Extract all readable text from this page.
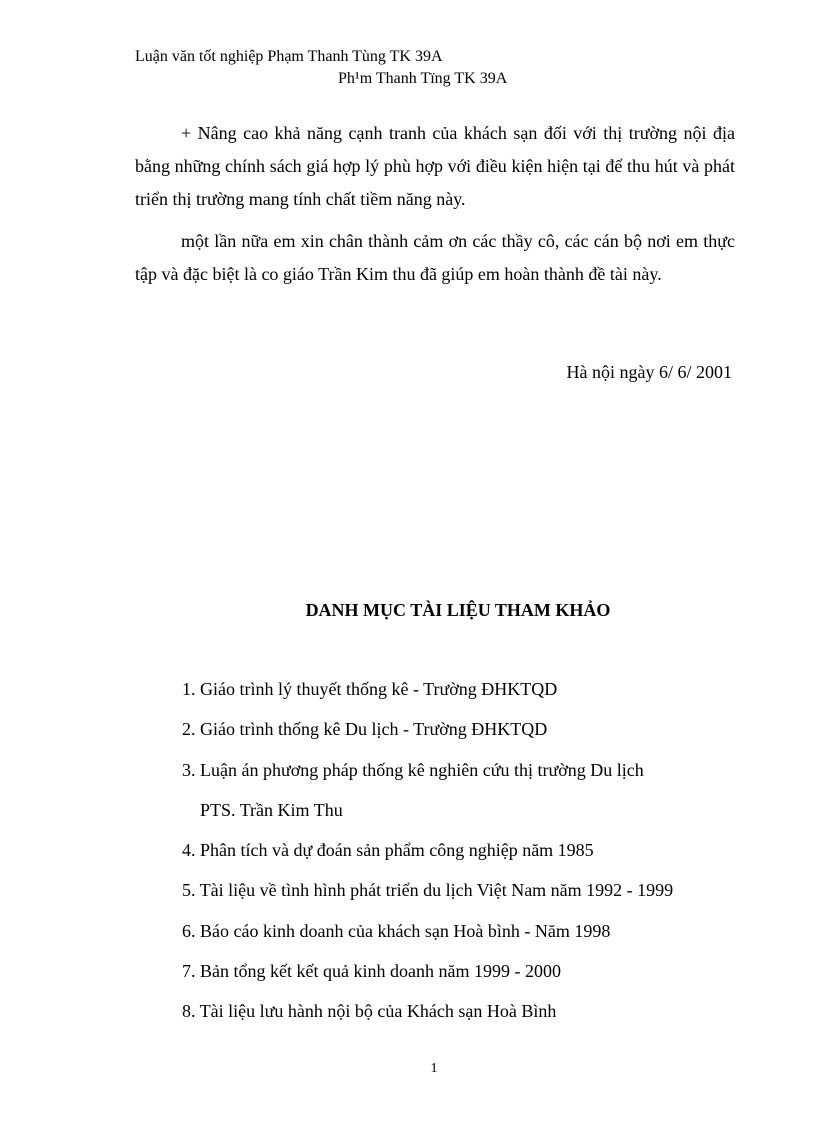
Luận văn tốt nghiệp Phạm Thanh Tùng TK 39A
Ph¹m Thanh Tïng TK 39A

+ Nâng cao khả năng cạnh tranh của khách sạn đối với thị trường nội địa bằng những chính sách giá hợp lý phù hợp với điều kiện hiện tại để thu hút và phát triển thị trường mang tính chất tiềm năng này.

một lần nữa em xin chân thành cảm ơn các thầy cô, các cán bộ nơi em thực tập và đặc biệt là co giáo Trần Kim thu đã giúp em hoàn thành đề tài này.

Hà nội ngày 6/ 6/ 2001
DANH MỤC TÀI LIỆU THAM KHẢO
1. Giáo trình lý thuyết thống kê - Trường ĐHKTQD
2. Giáo trình thống kê Du lịch - Trường ĐHKTQD
3. Luận án phương pháp thống kê nghiên cứu thị trường Du lịch
PTS. Trần Kim Thu
4. Phân tích và dự đoán sản phẩm công nghiệp năm 1985
5. Tài liệu về tình hình phát triển du lịch Việt Nam năm 1992 - 1999
6. Báo cáo kinh doanh của khách sạn Hoà bình - Năm 1998
7. Bản tổng kết kết quả kinh doanh năm 1999 - 2000
8. Tài liệu lưu hành nội bộ của Khách sạn Hoà Bình
1
